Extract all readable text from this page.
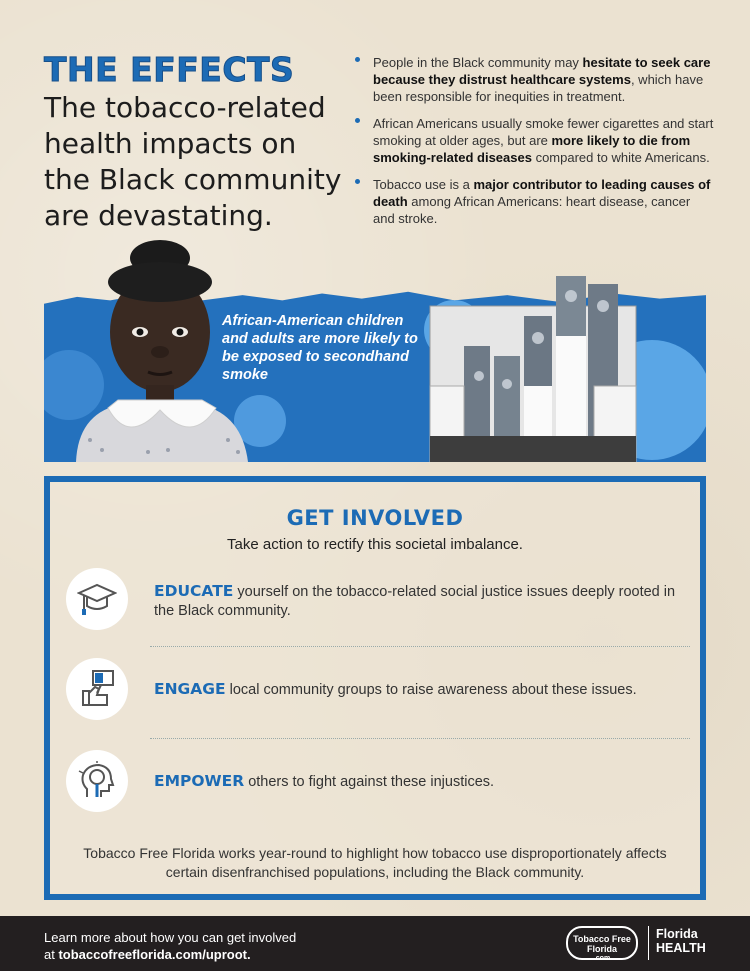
THE EFFECTS

The tobacco-related health impacts on the Black community are devastating.

People in the Black community may hesitate to seek care because they distrust healthcare systems, which have been responsible for inequities in treatment.
African Americans usually smoke fewer cigarettes and start smoking at older ages, but are more likely to die from smoking-related diseases compared to white Americans.
Tobacco use is a major contributor to leading causes of death among African Americans: heart disease, cancer and stroke.
African-American children and adults are more likely to be exposed to secondhand smoke
GET INVOLVED

Take action to rectify this societal imbalance.

EDUCATE yourself on the tobacco-related social justice issues deeply rooted in the Black community.

ENGAGE local community groups to raise awareness about these issues.

EMPOWER others to fight against these injustices.

Tobacco Free Florida works year-round to highlight how tobacco use disproportionately affects certain disenfranchised populations, including the Black community.

Learn more about how you can get involved
at tobaccofreeflorida.com/uproot.
Tobacco Free
Florida
.com
Florida
HEALTH
